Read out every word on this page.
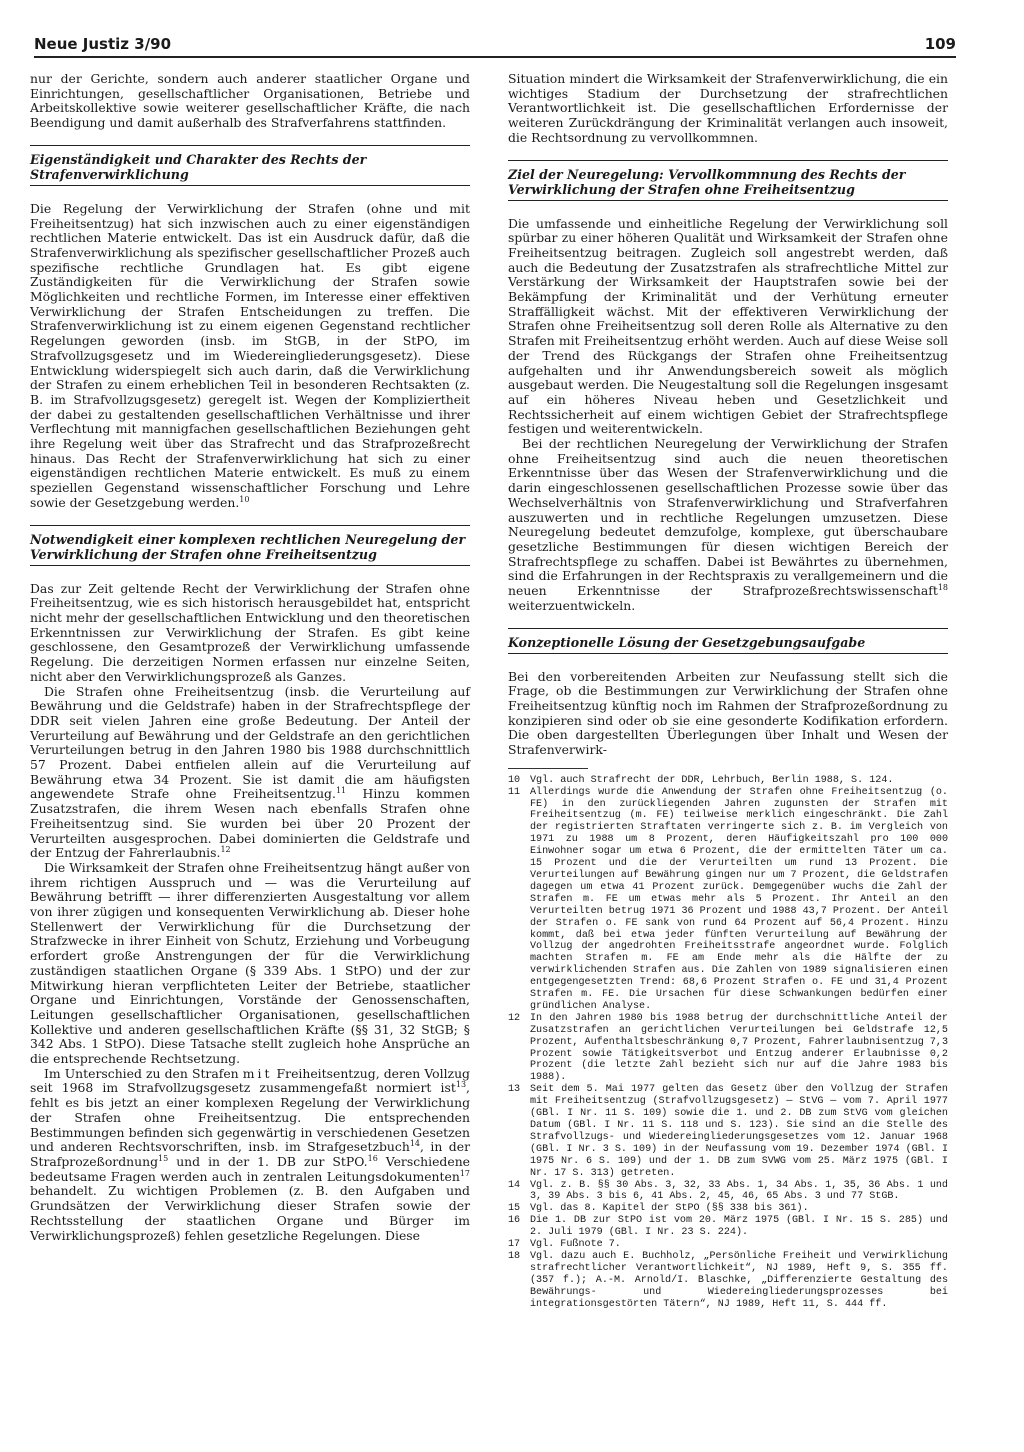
Neue Justiz 3/90	109

nur der Gerichte, sondern auch anderer staatlicher Organe und Einrichtungen, gesellschaftlicher Organisationen, Betriebe und Arbeitskollektive sowie weiterer gesellschaftlicher Kräfte, die nach Beendigung und damit außerhalb des Strafverfahrens stattfinden.

Eigenständigkeit und Charakter des Rechts der Strafenverwirklichung

Die Regelung der Verwirklichung der Strafen (ohne und mit Freiheitsentzug) hat sich inzwischen auch zu einer eigenständigen rechtlichen Materie entwickelt. Das ist ein Ausdruck dafür, daß die Strafenverwirklichung als spezifischer gesellschaftlicher Prozeß auch spezifische rechtliche Grundlagen hat. Es gibt eigene Zuständigkeiten für die Verwirklichung der Strafen sowie Möglichkeiten und rechtliche Formen, im Interesse einer effektiven Verwirklichung der Strafen Entscheidungen zu treffen. Die Strafenverwirklichung ist zu einem eigenen Gegenstand rechtlicher Regelungen geworden (insb. im StGB, in der StPO, im Strafvollzugsgesetz und im Wiedereingliederungsgesetz). Diese Entwicklung widerspiegelt sich auch darin, daß die Verwirklichung der Strafen zu einem erheblichen Teil in besonderen Rechtsakten (z. B. im Strafvollzugsgesetz) geregelt ist. Wegen der Kompliziertheit der dabei zu gestaltenden gesellschaftlichen Verhältnisse und ihrer Verflechtung mit mannigfachen gesellschaftlichen Beziehungen geht ihre Regelung weit über das Strafrecht und das Strafprozeßrecht hinaus. Das Recht der Strafenverwirklichung hat sich zu einer eigenständigen rechtlichen Materie entwickelt. Es muß zu einem speziellen Gegenstand wissenschaftlicher Forschung und Lehre sowie der Gesetzgebung werden.$^{10}$

Notwendigkeit einer komplexen rechtlichen Neuregelung der Verwirklichung der Strafen ohne Freiheitsentzug

Das zur Zeit geltende Recht der Verwirklichung der Strafen ohne Freiheitsentzug, wie es sich historisch herausgebildet hat, entspricht nicht mehr der gesellschaftlichen Entwicklung und den theoretischen Erkenntnissen zur Verwirklichung der Strafen. Es gibt keine geschlossene, den Gesamtprozeß der Verwirklichung umfassende Regelung. Die derzeitigen Normen erfassen nur einzelne Seiten, nicht aber den Verwirklichungsprozeß als Ganzes.

Die Strafen ohne Freiheitsentzug (insb. die Verurteilung auf Bewährung und die Geldstrafe) haben in der Strafrechtspflege der DDR seit vielen Jahren eine große Bedeutung. Der Anteil der Verurteilung auf Bewährung und der Geldstrafe an den gerichtlichen Verurteilungen betrug in den Jahren 1980 bis 1988 durchschnittlich 57 Prozent. Dabei entfielen allein auf die Verurteilung auf Bewährung etwa 34 Prozent. Sie ist damit die am häufigsten angewendete Strafe ohne Freiheitsentzug.$^{11}$ Hinzu kommen Zusatzstrafen, die ihrem Wesen nach ebenfalls Strafen ohne Freiheitsentzug sind. Sie wurden bei über 20 Prozent der Verurteilten ausgesprochen. Dabei dominierten die Geldstrafe und der Entzug der Fahrerlaubnis.$^{12}$

Die Wirksamkeit der Strafen ohne Freiheitsentzug hängt außer von ihrem richtigen Ausspruch und — was die Verurteilung auf Bewährung betrifft — ihrer differenzierten Ausgestaltung vor allem von ihrer zügigen und konsequenten Verwirklichung ab. Dieser hohe Stellenwert der Verwirklichung für die Durchsetzung der Strafzwecke in ihrer Einheit von Schutz, Erziehung und Vorbeugung erfordert große Anstrengungen der für die Verwirklichung zuständigen staatlichen Organe (§ 339 Abs. 1 StPO) und der zur Mitwirkung hieran verpflichteten Leiter der Betriebe, staatlicher Organe und Einrichtungen, Vorstände der Genossenschaften, Leitungen gesellschaftlicher Organisationen, gesellschaftlichen Kollektive und anderen gesellschaftlichen Kräfte (§§ 31, 32 StGB; § 342 Abs. 1 StPO). Diese Tatsache stellt zugleich hohe Ansprüche an die entsprechende Rechtsetzung.

Im Unterschied zu den Strafen mit Freiheitsentzug, deren Vollzug seit 1968 im Strafvollzugsgesetz zusammengefaßt normiert ist$^{13}$, fehlt es bis jetzt an einer komplexen Regelung der Verwirklichung der Strafen ohne Freiheitsentzug. Die entsprechenden Bestimmungen befinden sich gegenwärtig in verschiedenen Gesetzen und anderen Rechtsvorschriften, insb. im Strafgesetzbuch$^{14}$, in der Strafprozeßordnung$^{15}$ und in der 1. DB zur StPO.$^{16}$ Verschiedene bedeutsame Fragen werden auch in zentralen Leitungsdokumenten$^{17}$ behandelt. Zu wichtigen Problemen (z. B. den Aufgaben und Grundsätzen der Verwirklichung dieser Strafen sowie der Rechtsstellung der staatlichen Organe und Bürger im Verwirklichungsprozeß) fehlen gesetzliche Regelungen. Diese

Situation mindert die Wirksamkeit der Strafenverwirklichung, die ein wichtiges Stadium der Durchsetzung der strafrechtlichen Verantwortlichkeit ist. Die gesellschaftlichen Erfordernisse der weiteren Zurückdrängung der Kriminalität verlangen auch insoweit, die Rechtsordnung zu vervollkommnen.

Ziel der Neuregelung: Vervollkommnung des Rechts der Verwirklichung der Strafen ohne Freiheitsentzug

Die umfassende und einheitliche Regelung der Verwirklichung soll spürbar zu einer höheren Qualität und Wirksamkeit der Strafen ohne Freiheitsentzug beitragen. Zugleich soll angestrebt werden, daß auch die Bedeutung der Zusatzstrafen als strafrechtliche Mittel zur Verstärkung der Wirksamkeit der Hauptstrafen sowie bei der Bekämpfung der Kriminalität und der Verhütung erneuter Straffälligkeit wächst. Mit der effektiveren Verwirklichung der Strafen ohne Freiheitsentzug soll deren Rolle als Alternative zu den Strafen mit Freiheitsentzug erhöht werden. Auch auf diese Weise soll der Trend des Rückgangs der Strafen ohne Freiheitsentzug aufgehalten und ihr Anwendungsbereich soweit als möglich ausgebaut werden. Die Neugestaltung soll die Regelungen insgesamt auf ein höheres Niveau heben und Gesetzlichkeit und Rechtssicherheit auf einem wichtigen Gebiet der Strafrechtspflege festigen und weiterentwickeln.

Bei der rechtlichen Neuregelung der Verwirklichung der Strafen ohne Freiheitsentzug sind auch die neuen theoretischen Erkenntnisse über das Wesen der Strafenverwirklichung und die darin eingeschlossenen gesellschaftlichen Prozesse sowie über das Wechselverhältnis von Strafenverwirklichung und Strafverfahren auszuwerten und in rechtliche Regelungen umzusetzen. Diese Neuregelung bedeutet demzufolge, komplexe, gut überschaubare gesetzliche Bestimmungen für diesen wichtigen Bereich der Strafrechtspflege zu schaffen. Dabei ist Bewährtes zu übernehmen, sind die Erfahrungen in der Rechtspraxis zu verallgemeinern und die neuen Erkenntnisse der Strafprozeßrechtswissenschaft$^{18}$ weiterzuentwickeln.

Konzeptionelle Lösung der Gesetzgebungsaufgabe

Bei den vorbereitenden Arbeiten zur Neufassung stellt sich die Frage, ob die Bestimmungen zur Verwirklichung der Strafen ohne Freiheitsentzug künftig noch im Rahmen der Strafprozeßordnung zu konzipieren sind oder ob sie eine gesonderte Kodifikation erfordern. Die oben dargestellten Überlegungen über Inhalt und Wesen der Strafenverwirk-

10 Vgl. auch Strafrecht der DDR, Lehrbuch, Berlin 1988, S. 124.
11 Allerdings wurde die Anwendung der Strafen ohne Freiheitsentzug (o. FE) in den zurückliegenden Jahren zugunsten der Strafen mit Freiheitsentzug (m. FE) teilweise merklich eingeschränkt. Die Zahl der registrierten Straftaten verringerte sich z. B. im Vergleich von 1971 zu 1988 um 8 Prozent, deren Häufigkeitszahl pro 100 000 Einwohner sogar um etwa 6 Prozent, die der ermittelten Täter um ca. 15 Prozent und die der Verurteilten um rund 13 Prozent. Die Verurteilungen auf Bewährung gingen nur um 7 Prozent, die Geldstrafen dagegen um etwa 41 Prozent zurück. Demgegenüber wuchs die Zahl der Strafen m. FE um etwas mehr als 5 Prozent. Ihr Anteil an den Verurteilten betrug 1971 36 Prozent und 1988 43,7 Prozent. Der Anteil der Strafen o. FE sank von rund 64 Prozent auf 56,4 Prozent. Hinzu kommt, daß bei etwa jeder fünften Verurteilung auf Bewährung der Vollzug der angedrohten Freiheitsstrafe angeordnet wurde. Folglich machten Strafen m. FE am Ende mehr als die Hälfte der zu verwirklichenden Strafen aus. Die Zahlen von 1989 signalisieren einen entgegengesetzten Trend: 68,6 Prozent Strafen o. FE und 31,4 Prozent Strafen m. FE. Die Ursachen für diese Schwankungen bedürfen einer gründlichen Analyse.
12 In den Jahren 1980 bis 1988 betrug der durchschnittliche Anteil der Zusatzstrafen an gerichtlichen Verurteilungen bei Geldstrafe 12,5 Prozent, Aufenthaltsbeschränkung 0,7 Prozent, Fahrerlaubnisentzug 7,3 Prozent sowie Tätigkeitsverbot und Entzug anderer Erlaubnisse 0,2 Prozent (die letzte Zahl bezieht sich nur auf die Jahre 1983 bis 1988).
13 Seit dem 5. Mai 1977 gelten das Gesetz über den Vollzug der Strafen mit Freiheitsentzug (Strafvollzugsgesetz) — StVG — vom 7. April 1977 (GBl. I Nr. 11 S. 109) sowie die 1. und 2. DB zum StVG vom gleichen Datum (GBl. I Nr. 11 S. 118 und S. 123). Sie sind an die Stelle des Strafvollzugs- und Wiedereingliederungsgesetzes vom 12. Januar 1968 (GBl. I Nr. 3 S. 109) in der Neufassung vom 19. Dezember 1974 (GBl. I 1975 Nr. 6 S. 109) und der 1. DB zum SVWG vom 25. März 1975 (GBl. I Nr. 17 S. 313) getreten.
14 Vgl. z. B. §§ 30 Abs. 3, 32, 33 Abs. 1, 34 Abs. 1, 35, 36 Abs. 1 und 3, 39 Abs. 3 bis 6, 41 Abs. 2, 45, 46, 65 Abs. 3 und 77 StGB.
15 Vgl. das 8. Kapitel der StPO (§§ 338 bis 361).
16 Die 1. DB zur StPO ist vom 20. März 1975 (GBl. I Nr. 15 S. 285) und 2. Juli 1979 (GBl. I Nr. 23 S. 224).
17 Vgl. Fußnote 7.
18 Vgl. dazu auch E. Buchholz, „Persönliche Freiheit und Verwirklichung strafrechtlicher Verantwortlichkeit“, NJ 1989, Heft 9, S. 355 ff. (357 f.); A.-M. Arnold/I. Blaschke, „Differenzierte Gestaltung des Bewährungs- und Wiedereingliederungsprozesses bei integrationsgestörten Tätern“, NJ 1989, Heft 11, S. 444 ff.
